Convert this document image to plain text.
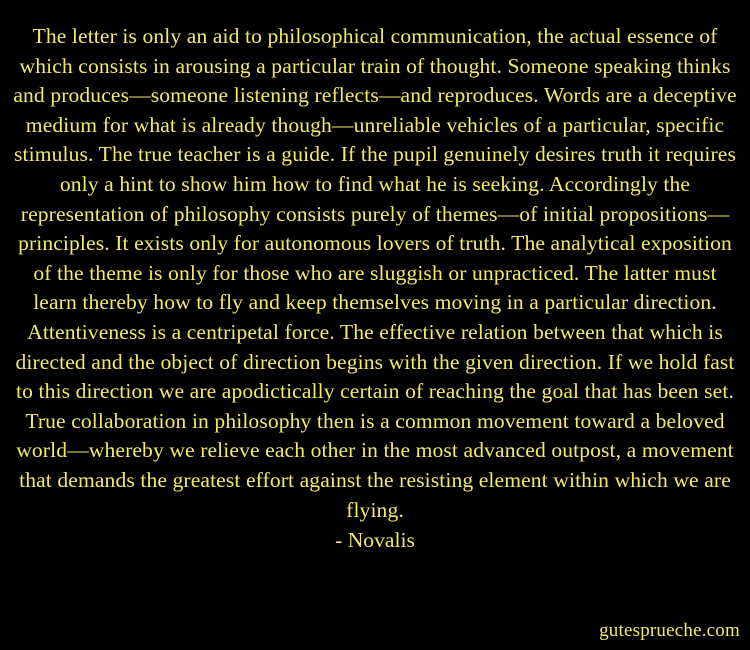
The letter is only an aid to philosophical communication, the actual essence of which consists in arousing a particular train of thought. Someone speaking thinks and produces—someone listening reflects—and reproduces. Words are a deceptive medium for what is already though—unreliable vehicles of a particular, specific stimulus. The true teacher is a guide. If the pupil genuinely desires truth it requires only a hint to show him how to find what he is seeking. Accordingly the representation of philosophy consists purely of themes—of initial propositions—principles. It exists only for autonomous lovers of truth. The analytical exposition of the theme is only for those who are sluggish or unpracticed. The latter must learn thereby how to fly and keep themselves moving in a particular direction. Attentiveness is a centripetal force. The effective relation between that which is directed and the object of direction begins with the given direction. If we hold fast to this direction we are apodictically certain of reaching the goal that has been set. True collaboration in philosophy then is a common movement toward a beloved world—whereby we relieve each other in the most advanced outpost, a movement that demands the greatest effort against the resisting element within which we are flying.

- Novalis

gutesprueche.com
